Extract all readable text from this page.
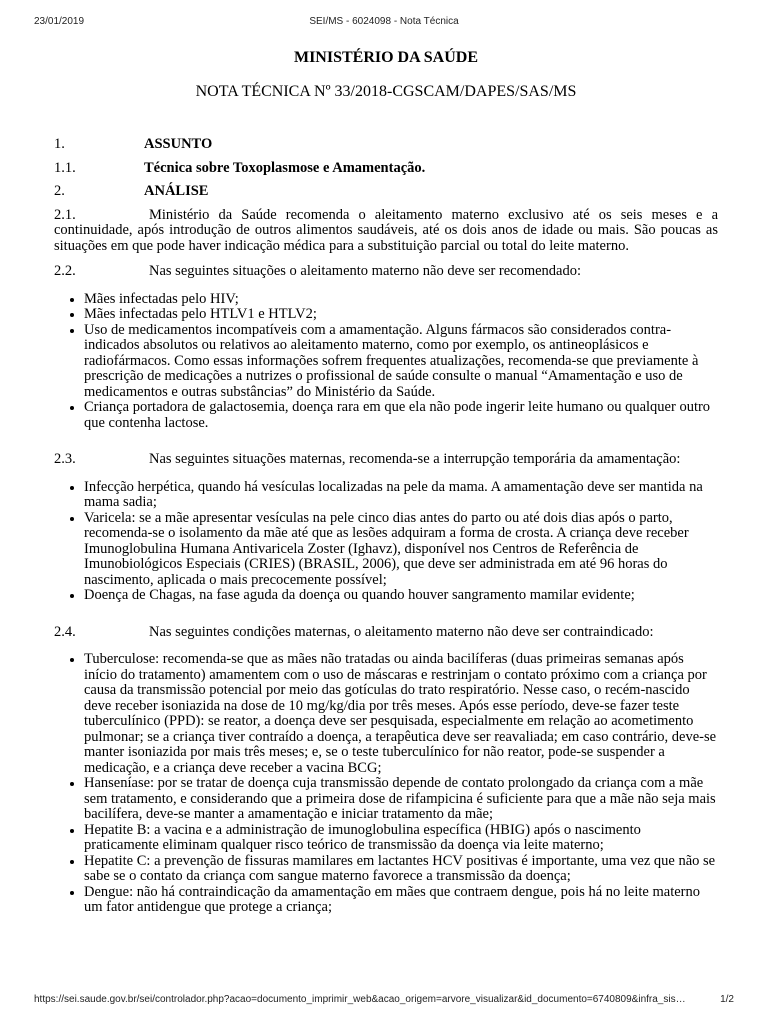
23/01/2019	SEI/MS - 6024098 - Nota Técnica
MINISTÉRIO DA SAÚDE
NOTA TÉCNICA Nº 33/2018-CGSCAM/DAPES/SAS/MS
1.	ASSUNTO
1.1.	Técnica sobre Toxoplasmose e Amamentação.
2.	ANÁLISE

2.1.	Ministério da Saúde recomenda o aleitamento materno exclusivo até os seis meses e a continuidade, após introdução de outros alimentos saudáveis, até os dois anos de idade ou mais. São poucas as situações em que pode haver indicação médica para a substituição parcial ou total do leite materno.

2.2.	Nas seguintes situações o aleitamento materno não deve ser recomendado:

• Mães infectadas pelo HIV;
• Mães infectadas pelo HTLV1 e HTLV2;
• Uso de medicamentos incompatíveis com a amamentação. Alguns fármacos são considerados contra-indicados absolutos ou relativos ao aleitamento materno, como por exemplo, os antineoplásicos e radiofármacos. Como essas informações sofrem frequentes atualizações, recomenda-se que previamente à prescrição de medicações a nutrizes o profissional de saúde consulte o manual “Amamentação e uso de medicamentos e outras substâncias” do Ministério da Saúde.
• Criança portadora de galactosemia, doença rara em que ela não pode ingerir leite humano ou qualquer outro que contenha lactose.

2.3.	Nas seguintes situações maternas, recomenda-se a interrupção temporária da amamentação:

• Infecção herpética, quando há vesículas localizadas na pele da mama. A amamentação deve ser mantida na mama sadia;
• Varicela: se a mãe apresentar vesículas na pele cinco dias antes do parto ou até dois dias após o parto, recomenda-se o isolamento da mãe até que as lesões adquiram a forma de crosta. A criança deve receber Imunoglobulina Humana Antivaricela Zoster (Ighavz), disponível nos Centros de Referência de Imunobiológicos Especiais (CRIES) (BRASIL, 2006), que deve ser administrada em até 96 horas do nascimento, aplicada o mais precocemente possível;
• Doença de Chagas, na fase aguda da doença ou quando houver sangramento mamilar evidente;

2.4.	Nas seguintes condições maternas, o aleitamento materno não deve ser contraindicado:

• Tuberculose: recomenda-se que as mães não tratadas ou ainda bacilíferas (duas primeiras semanas após início do tratamento) amamentem com o uso de máscaras e restrinjam o contato próximo com a criança por causa da transmissão potencial por meio das gotículas do trato respiratório. Nesse caso, o recém-nascido deve receber isoniazida na dose de 10 mg/kg/dia por três meses. Após esse período, deve-se fazer teste tuberculínico (PPD): se reator, a doença deve ser pesquisada, especialmente em relação ao acometimento pulmonar; se a criança tiver contraído a doença, a terapêutica deve ser reavaliada; em caso contrário, deve-se manter isoniazida por mais três meses; e, se o teste tuberculínico for não reator, pode-se suspender a medicação, e a criança deve receber a vacina BCG;
• Hanseníase: por se tratar de doença cuja transmissão depende de contato prolongado da criança com a mãe sem tratamento, e considerando que a primeira dose de rifampicina é suficiente para que a mãe não seja mais bacilífera, deve-se manter a amamentação e iniciar tratamento da mãe;
• Hepatite B: a vacina e a administração de imunoglobulina específica (HBIG) após o nascimento praticamente eliminam qualquer risco teórico de transmissão da doença via leite materno;
• Hepatite C: a prevenção de fissuras mamilares em lactantes HCV positivas é importante, uma vez que não se sabe se o contato da criança com sangue materno favorece a transmissão da doença;
• Dengue: não há contraindicação da amamentação em mães que contraem dengue, pois há no leite materno um fator antidengue que protege a criança;
https://sei.saude.gov.br/sei/controlador.php?acao=documento_imprimir_web&acao_origem=arvore_visualizar&id_documento=6740809&infra_sis…	1/2
